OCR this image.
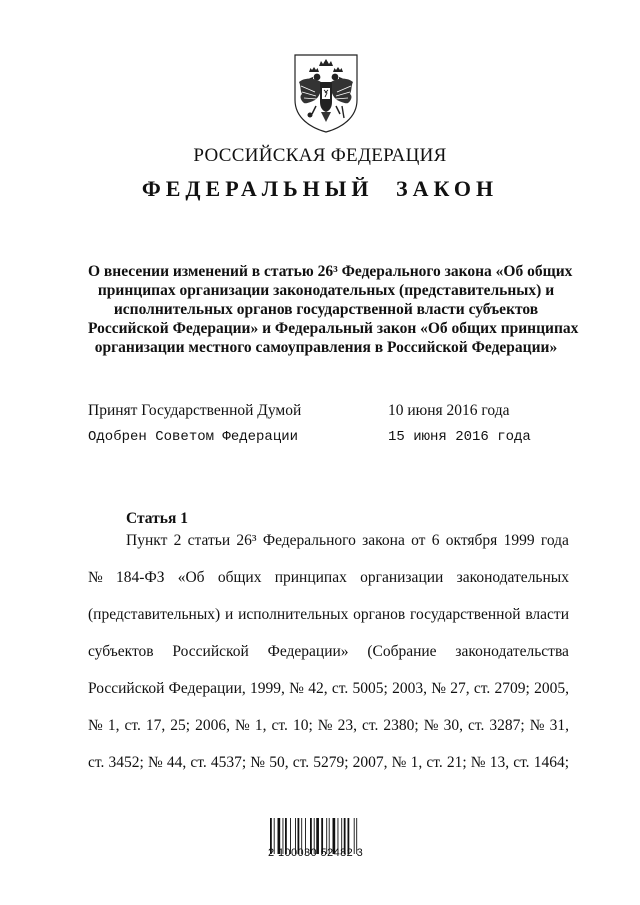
РОССИЙСКАЯ ФЕДЕРАЦИЯ
ФЕДЕРАЛЬНЫЙ ЗАКОН

О внесении изменений в статью 26³ Федерального закона «Об общих

принципах организации законодательных (представительных) и

исполнительных органов государственной власти субъектов

Российской Федерации» и Федеральный закон «Об общих принципах

организации местного самоуправления в Российской Федерации»

Принят Государственной Думой	10 июня 2016 года
Одобрен Советом Федерации	15 июня 2016 года
Статья 1
Пункт 2 статьи 26³ Федерального закона от 6 октября 1999 года
№ 184-ФЗ «Об общих принципах организации законодательных
(представительных) и исполнительных органов государственной власти
субъектов Российской Федерации» (Собрание законодательства
Российской Федерации, 1999, № 42, ст. 5005; 2003, № 27, ст. 2709; 2005,
№ 1, ст. 17, 25; 2006, № 1, ст. 10; № 23, ст. 2380; № 30, ст. 3287; № 31,
ст. 3452; № 44, ст. 4537; № 50, ст. 5279; 2007, № 1, ст. 21; № 13, ст. 1464;
2 100030 52482 3
